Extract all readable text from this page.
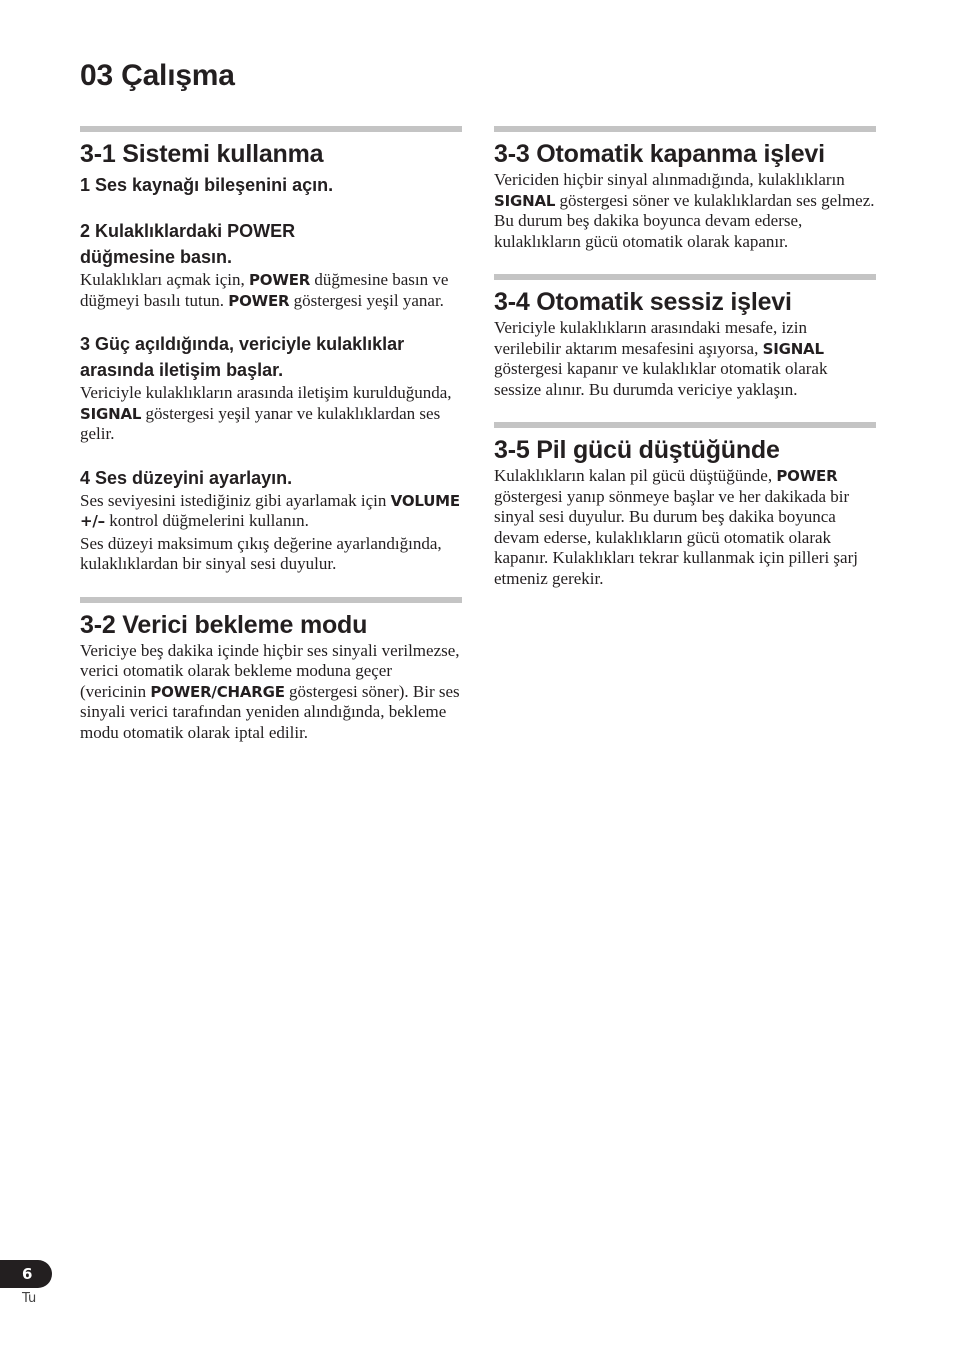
03 Çalışma
3-1 Sistemi kullanma
1 Ses kaynağı bileşenini açın.
2 Kulaklıklardaki POWER düğmesine basın.

Kulaklıkları açmak için, POWER düğmesine basın ve düğmeyi basılı tutun. POWER göstergesi yeşil yanar.

3 Güç açıldığında, vericiyle kulaklıklar arasında iletişim başlar.

Vericiyle kulaklıkların arasında iletişim kurulduğunda, SIGNAL göstergesi yeşil yanar ve kulaklıklardan ses gelir.

4 Ses düzeyini ayarlayın.

Ses seviyesini istediğiniz gibi ayarlamak için VOLUME +/– kontrol düğmelerini kullanın.

Ses düzeyi maksimum çıkış değerine ayarlandığında, kulaklıklardan bir sinyal sesi duyulur.

3-2 Verici bekleme modu

Vericiye beş dakika içinde hiçbir ses sinyali verilmezse, verici otomatik olarak bekleme moduna geçer (vericinin POWER/CHARGE göstergesi söner). Bir ses sinyali verici tarafından yeniden alındığında, bekleme modu otomatik olarak iptal edilir.

3-3 Otomatik kapanma işlevi

Vericiden hiçbir sinyal alınmadığında, kulaklıkların SIGNAL göstergesi söner ve kulaklıklardan ses gelmez. Bu durum beş dakika boyunca devam ederse, kulaklıkların gücü otomatik olarak kapanır.

3-4 Otomatik sessiz işlevi

Vericiyle kulaklıkların arasındaki mesafe, izin verilebilir aktarım mesafesini aşıyorsa, SIGNAL göstergesi kapanır ve kulaklıklar otomatik olarak sessize alınır. Bu durumda vericiye yaklaşın.

3-5 Pil gücü düştüğünde

Kulaklıkların kalan pil gücü düştüğünde, POWER göstergesi yanıp sönmeye başlar ve her dakikada bir sinyal sesi duyulur. Bu durum beş dakika boyunca devam ederse, kulaklıkların gücü otomatik olarak kapanır. Kulaklıkları tekrar kullanmak için pilleri şarj etmeniz gerekir.

6
Tu
